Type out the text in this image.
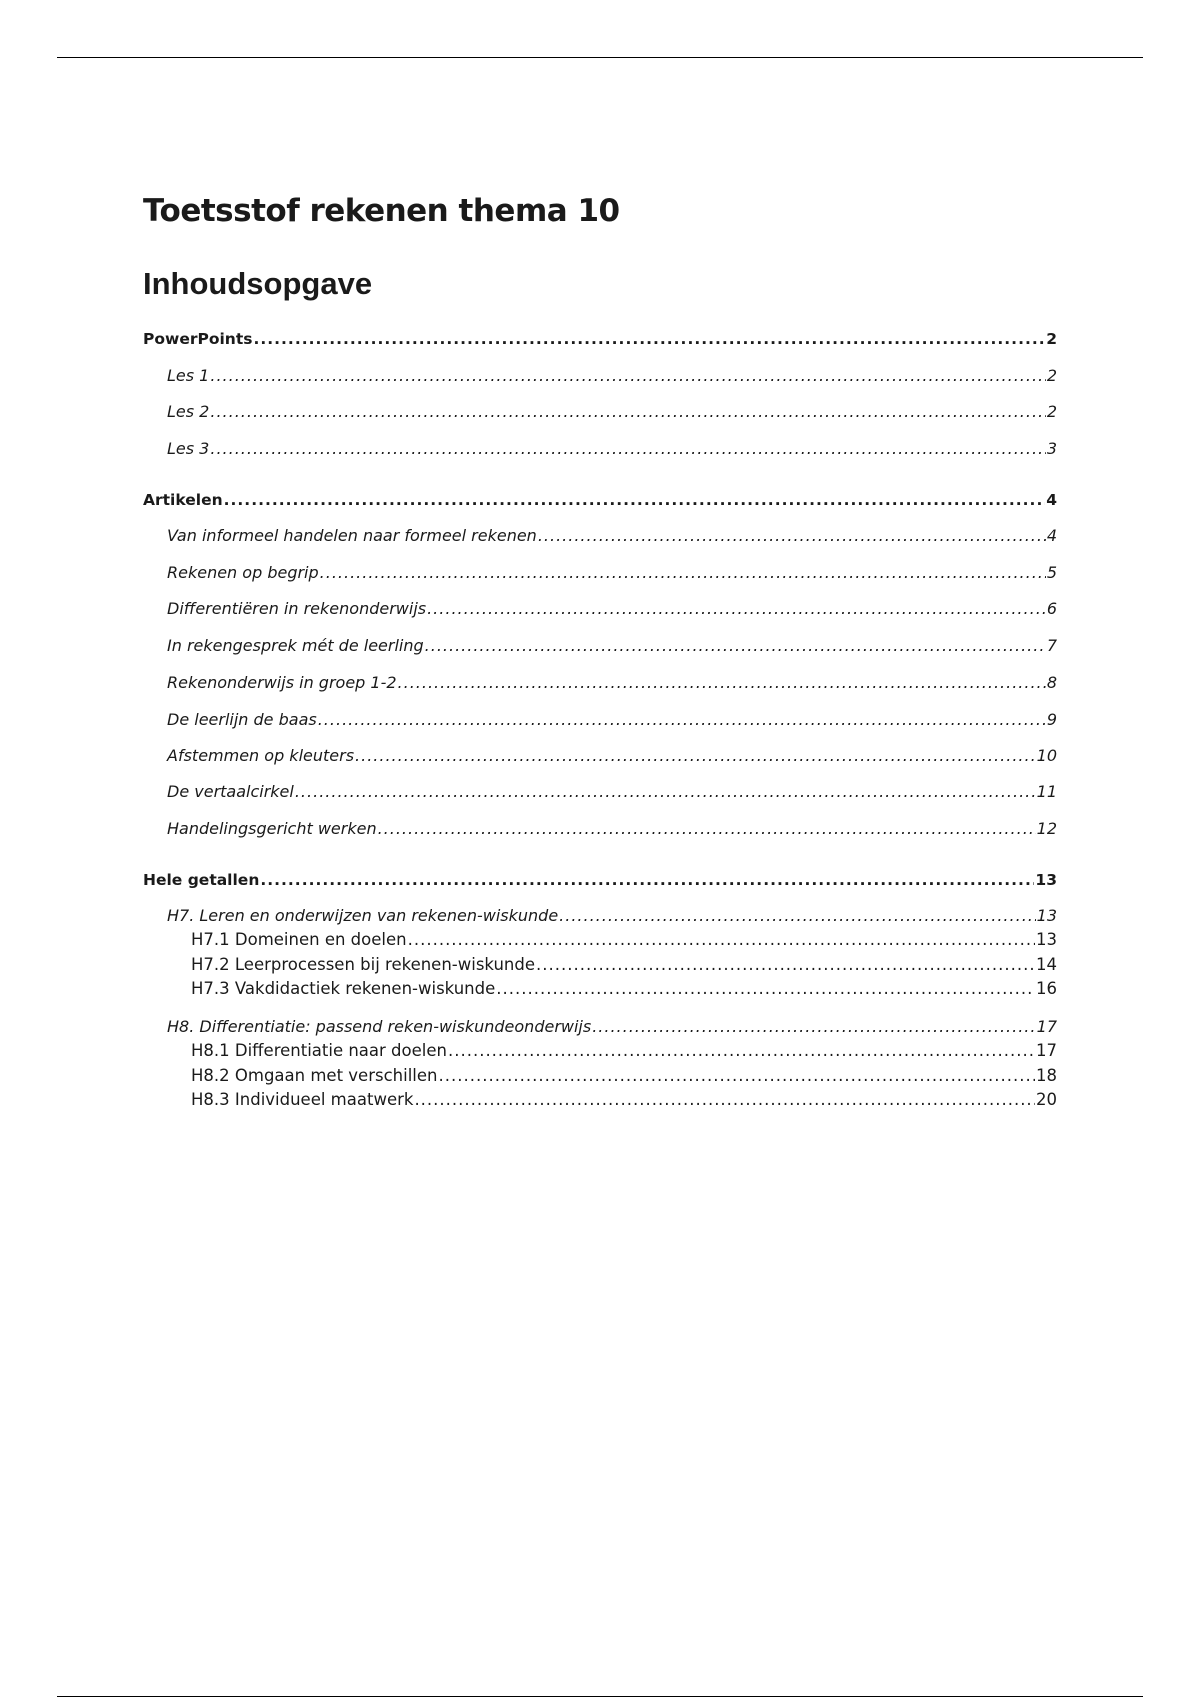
Toetsstof rekenen thema 10
Inhoudsopgave
PowerPoints .....	2
Les 1 .....	2
Les 2 .....	2
Les 3 .....	3
Artikelen .....	4
Van informeel handelen naar formeel rekenen .....	4
Rekenen op begrip .....	5
Differentiëren in rekenonderwijs .....	6
In rekengesprek mét de leerling .....	7
Rekenonderwijs in groep 1-2 .....	8
De leerlijn de baas .....	9
Afstemmen op kleuters .....	10
De vertaalcirkel .....	11
Handelingsgericht werken .....	12
Hele getallen .....	13
H7. Leren en onderwijzen van rekenen-wiskunde .....	13
H7.1 Domeinen en doelen .....	13
H7.2 Leerprocessen bij rekenen-wiskunde .....	14
H7.3 Vakdidactiek rekenen-wiskunde .....	16
H8. Differentiatie: passend reken-wiskundeonderwijs .....	17
H8.1 Differentiatie naar doelen .....	17
H8.2 Omgaan met verschillen .....	18
H8.3 Individueel maatwerk .....	20
